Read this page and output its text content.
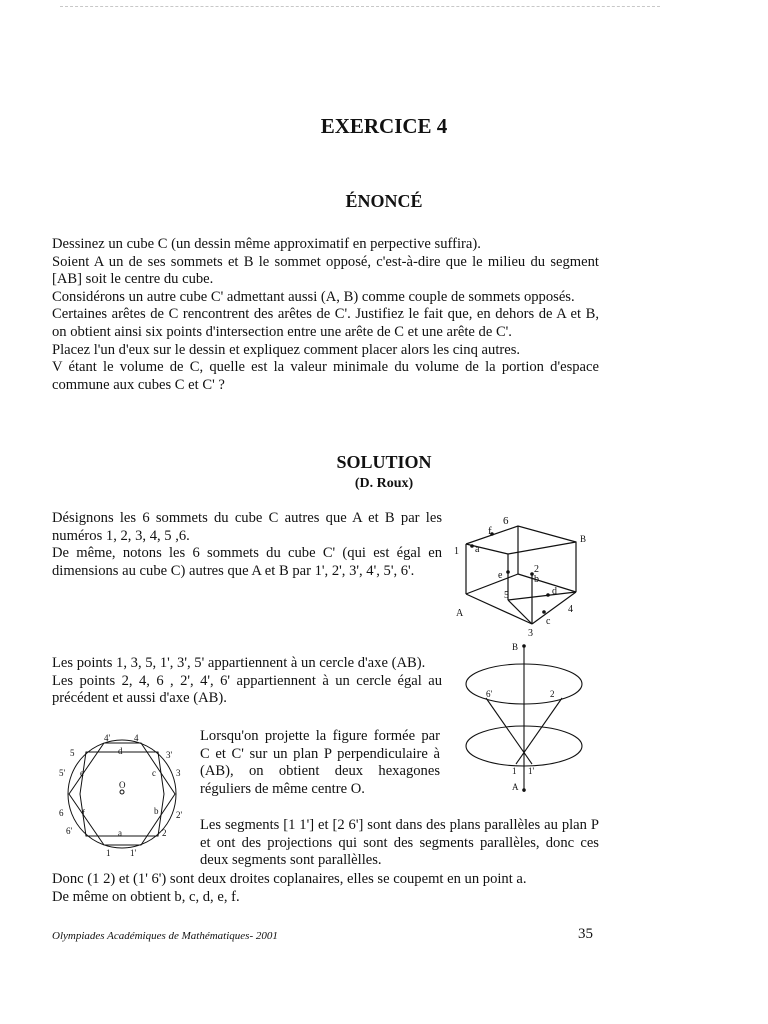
EXERCICE 4
ÉNONCÉ

Dessinez un cube C (un dessin même approximatif en perpective suffira).

Soient A un de ses sommets et B le sommet opposé, c'est-à-dire que le milieu du segment [AB] soit le centre du cube.

Considérons un autre cube C' admettant aussi (A, B) comme couple de sommets opposés.

Certaines arêtes de C rencontrent des arêtes de C'. Justifiez le fait que, en dehors de A et B, on obtient ainsi six points d'intersection entre une arête de C et une arête de C'.

Placez l'un d'eux sur le dessin et expliquez comment placer alors les cinq autres.

V étant le volume de C, quelle est la valeur minimale du volume de la portion d'espace commune aux cubes C et C' ?

SOLUTION
(D. Roux)

Désignons les 6 sommets du cube C autres que A et B par les numéros 1, 2, 3, 4, 5 ,6.

De même, notons les 6 sommets du cube C' (qui est égal en dimensions au cube C) autres que A et B par 1', 2', 3', 4', 5', 6'.

6
B
f
1 a
2
b
e
5	d
4
c
A
3

Les points 1, 3, 5, 1', 3', 5' appartiennent à un cercle d'axe (AB).

Les points 2, 4, 6 , 2', 4', 6' appartiennent à un cercle égal au précédent et aussi d'axe (AB).

B
6'	2
1 1'
A
O
4'	4
5	3'
5'	3
6	2'
6'	2
1 1'
d
c
b
a
f
e
Lorsqu'on projette la figure formée par C et C' sur un plan P perpendiculaire à (AB), on obtient deux hexagones réguliers de même centre O.
Les segments [1 1'] et [2 6'] sont dans des plans parallèles au plan P et ont des projections qui sont des segments parallèles, donc ces deux segments sont parallèlles.

Donc (1 2) et (1' 6') sont deux droites coplanaires, elles se coupemt en un point a.

De même on obtient b, c, d, e, f.

Olympiades Académiques de Mathématiques- 2001	35
